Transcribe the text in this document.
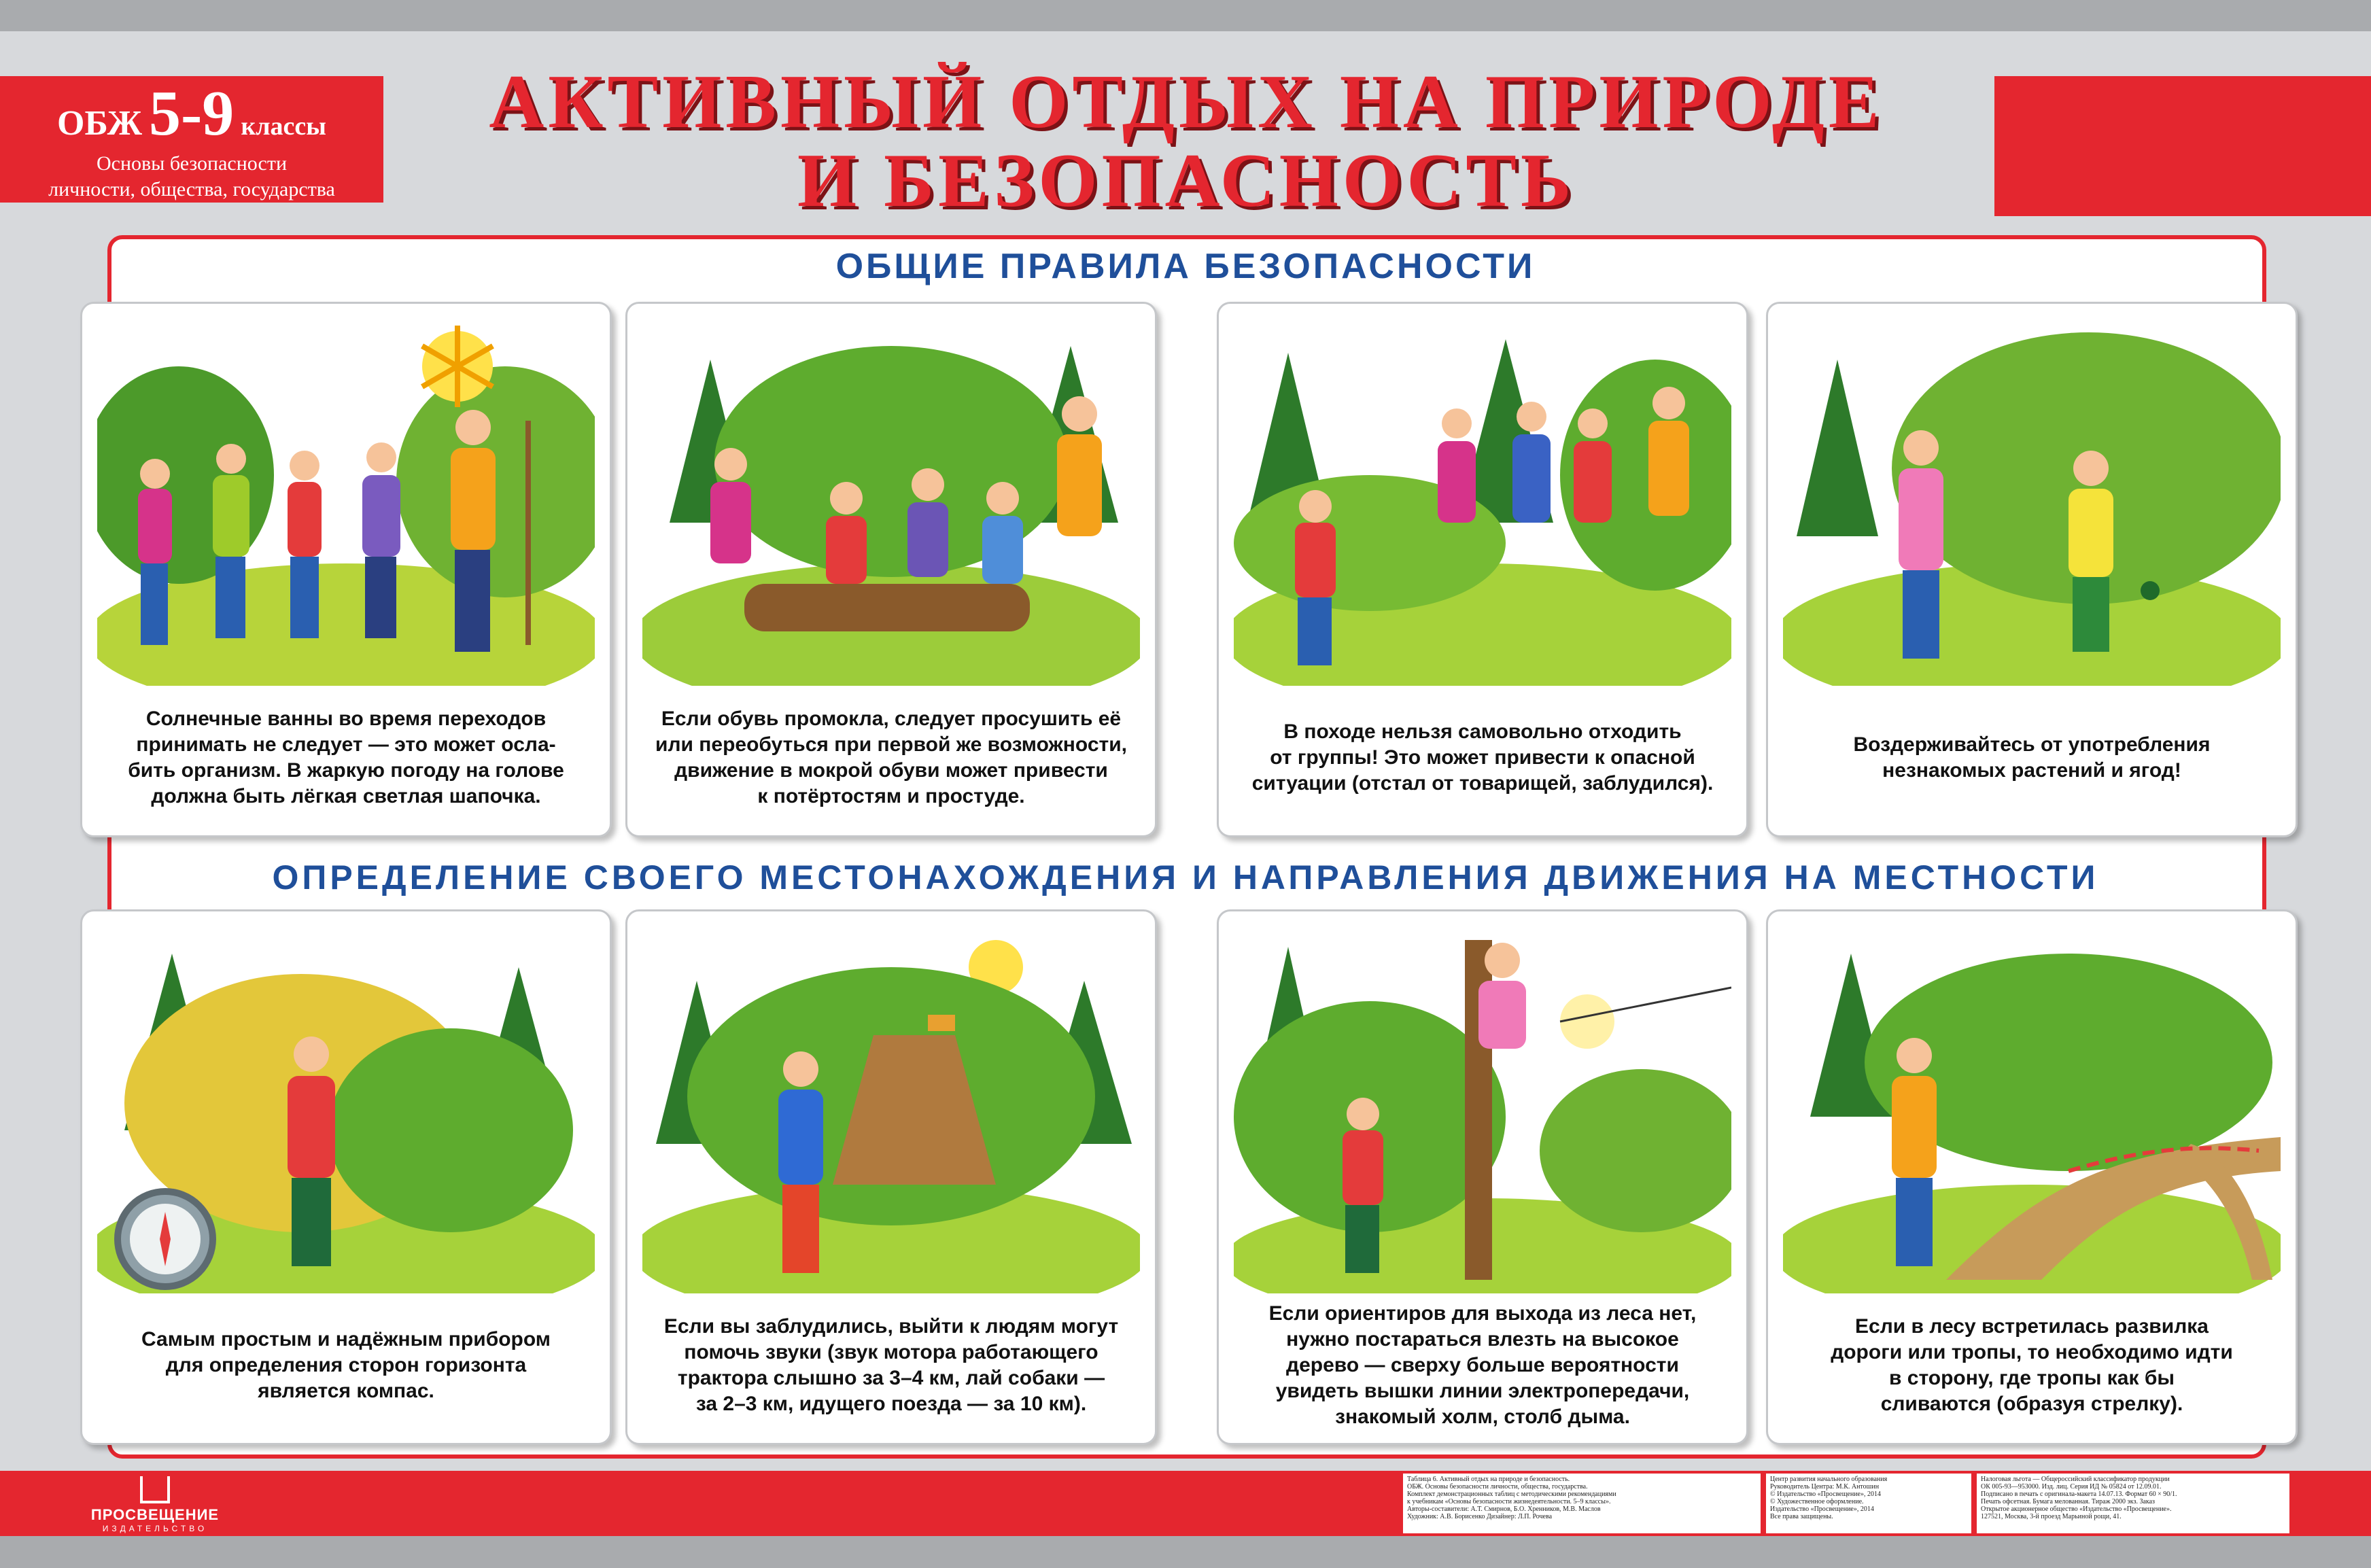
ОБЖ 5-9 классы
Основы безопасности
личности, общества, государства
АКТИВНЫЙ ОТДЫХ НА ПРИРОДЕ
И БЕЗОПАСНОСТЬ
ОБЩИЕ ПРАВИЛА БЕЗОПАСНОСТИ
ОПРЕДЕЛЕНИЕ СВОЕГО МЕСТОНАХОЖДЕНИЯ И НАПРАВЛЕНИЯ ДВИЖЕНИЯ НА МЕСТНОСТИ
Солнечные ванны во время переходов
принимать не следует — это может осла-
бить организм. В жаркую погоду на голове
должна быть лёгкая светлая шапочка.
Если обувь промокла, следует просушить её
или переобуться при первой же возможности,
движение в мокрой обуви может привести
к потёртостям и простуде.
В походе нельзя самовольно отходить
от группы! Это может привести к опасной
ситуации (отстал от товарищей, заблудился).
Воздерживайтесь от употребления
незнакомых растений и ягод!
Самым простым и надёжным прибором
для определения сторон горизонта
является компас.
Если вы заблудились, выйти к людям могут
помочь звуки (звук мотора работающего
трактора слышно за 3–4 км, лай собаки —
за 2–3 км, идущего поезда — за 10 км).
Если ориентиров для выхода из леса нет,
нужно постараться влезть на высокое
дерево — сверху больше вероятности
увидеть вышки линии электропередачи,
знакомый холм, столб дыма.
Если в лесу встретилась развилка
дороги или тропы, то необходимо идти
в сторону, где тропы как бы
сливаются (образуя стрелку).
ПРОСВЕЩЕНИЕ
ИЗДАТЕЛЬСТВО
Таблица 6. Активный отдых на природе и безопасность.
ОБЖ. Основы безопасности личности, общества, государства.
Комплект демонстрационных таблиц с методическими рекомендациями
к учебникам «Основы безопасности жизнедеятельности. 5–9 классы».
Авторы-составители: А.Т. Смирнов, Б.О. Хренников, М.В. Маслов
Художник: А.В. Борисенко Дизайнер: Л.П. Рочева
Центр развития начального образования
Руководитель Центра: М.К. Антошин
© Издательство «Просвещение», 2014
© Художественное оформление.
Издательство «Просвещение», 2014
Все права защищены.
Налоговая льгота — Общероссийский классификатор продукции
ОК 005-93—953000. Изд. лиц. Серия ИД № 05824 от 12.09.01.
Подписано в печать с оригинала-макета 14.07.13. Формат 60 × 90/1.
Печать офсетная. Бумага мелованная. Тираж 2000 экз. Заказ
Открытое акционерное общество «Издательство «Просвещение».
127521, Москва, 3-й проезд Марьиной рощи, 41.
